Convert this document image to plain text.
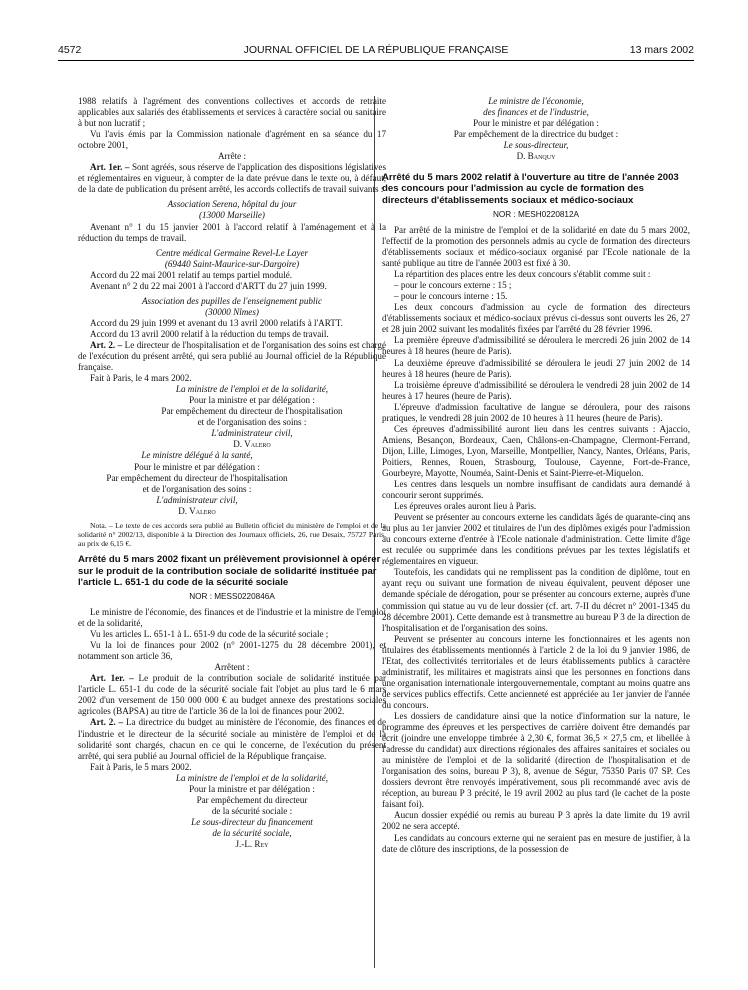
4572	JOURNAL OFFICIEL DE LA RÉPUBLIQUE FRANÇAISE	13 mars 2002

1988 relatifs à l'agrément des conventions collectives et accords de retraite applicables aux salariés des établissements et services à caractère social ou sanitaire à but non lucratif ;

Vu l'avis émis par la Commission nationale d'agrément en sa séance du 17 octobre 2001,

Arrête :

Art. 1er. – Sont agréés, sous réserve de l'application des dispositions législatives et réglementaires en vigueur, à compter de la date prévue dans le texte ou, à défaut, de la date de publication du présent arrêté, les accords collectifs de travail suivants :

Association Serena, hôpital du jour

(13000 Marseille)

Avenant n° 1 du 15 janvier 2001 à l'accord relatif à l'aménagement et à la réduction du temps de travail.

Centre médical Germaine Revel-Le Layer

(69440 Saint-Maurice-sur-Dargoire)

Accord du 22 mai 2001 relatif au temps partiel modulé.

Avenant n° 2 du 22 mai 2001 à l'accord d'ARTT du 27 juin 1999.

Association des pupilles de l'enseignement public

(30000 Nîmes)

Accord du 29 juin 1999 et avenant du 13 avril 2000 relatifs à l'ARTT.

Accord du 13 avril 2000 relatif à la réduction du temps de travail.

Art. 2. – Le directeur de l'hospitalisation et de l'organisation des soins est chargé de l'exécution du présent arrêté, qui sera publié au Journal officiel de la République française.

Fait à Paris, le 4 mars 2002.

La ministre de l'emploi et de la solidarité,

Pour la ministre et par délégation :

Par empêchement du directeur de l'hospitalisation

et de l'organisation des soins :

L'administrateur civil,

D. Valero

Le ministre délégué à la santé,

Pour le ministre et par délégation :

Par empêchement du directeur de l'hospitalisation

et de l'organisation des soins :

L'administrateur civil,

D. Valero

Nota. – Le texte de ces accords sera publié au Bulletin officiel du ministère de l'emploi et de la solidarité n° 2002/13, disponible à la Direction des Journaux officiels, 26, rue Desaix, 75727 Paris, au prix de 6,15 €.

Arrêté du 5 mars 2002 fixant un prélèvement provisionnel à opérer sur le produit de la contribution sociale de solidarité instituée par l'article L. 651-1 du code de la sécurité sociale

NOR : MESS0220846A

Le ministre de l'économie, des finances et de l'industrie et la ministre de l'emploi et de la solidarité,

Vu les articles L. 651-1 à L. 651-9 du code de la sécurité sociale ;

Vu la loi de finances pour 2002 (n° 2001-1275 du 28 décembre 2001), et notamment son article 36,

Arrêtent :

Art. 1er. – Le produit de la contribution sociale de solidarité instituée par l'article L. 651-1 du code de la sécurité sociale fait l'objet au plus tard le 6 mars 2002 d'un versement de 150 000 000 € au budget annexe des prestations sociales agricoles (BAPSA) au titre de l'article 36 de la loi de finances pour 2002.

Art. 2. – La directrice du budget au ministère de l'économie, des finances et de l'industrie et le directeur de la sécurité sociale au ministère de l'emploi et de la solidarité sont chargés, chacun en ce qui le concerne, de l'exécution du présent arrêté, qui sera publié au Journal officiel de la République française.

Fait à Paris, le 5 mars 2002.

La ministre de l'emploi et de la solidarité,

Pour la ministre et par délégation :

Par empêchement du directeur

de la sécurité sociale :

Le sous-directeur du financement

de la sécurité sociale,

J.-L. Rey

Le ministre de l'économie,

des finances et de l'industrie,

Pour le ministre et par délégation :

Par empêchement de la directrice du budget :

Le sous-directeur,

D. Banquy

Arrêté du 5 mars 2002 relatif à l'ouverture au titre de l'année 2003 des concours pour l'admission au cycle de formation des directeurs d'établissements sociaux et médico-sociaux

NOR : MESH0220812A

Par arrêté de la ministre de l'emploi et de la solidarité en date du 5 mars 2002, l'effectif de la promotion des personnels admis au cycle de formation des directeurs d'établissements sociaux et médico-sociaux organisé par l'Ecole nationale de la santé publique au titre de l'année 2003 est fixé à 30.

La répartition des places entre les deux concours s'établit comme suit :

– pour le concours externe : 15 ;

– pour le concours interne : 15.

Les deux concours d'admission au cycle de formation des directeurs d'établissements sociaux et médico-sociaux prévus ci-dessus sont ouverts les 26, 27 et 28 juin 2002 suivant les modalités fixées par l'arrêté du 28 février 1996.

La première épreuve d'admissibilité se déroulera le mercredi 26 juin 2002 de 14 heures à 18 heures (heure de Paris).

La deuxième épreuve d'admissibilité se déroulera le jeudi 27 juin 2002 de 14 heures à 18 heures (heure de Paris).

La troisième épreuve d'admissibilité se déroulera le vendredi 28 juin 2002 de 14 heures à 17 heures (heure de Paris).

L'épreuve d'admission facultative de langue se déroulera, pour des raisons pratiques, le vendredi 28 juin 2002 de 10 heures à 11 heures (heure de Paris).

Ces épreuves d'admissibilité auront lieu dans les centres suivants : Ajaccio, Amiens, Besançon, Bordeaux, Caen, Châlons-en-Champagne, Clermont-Ferrand, Dijon, Lille, Limoges, Lyon, Marseille, Montpellier, Nancy, Nantes, Orléans, Paris, Poitiers, Rennes, Rouen, Strasbourg, Toulouse, Cayenne, Fort-de-France, Gourbeyre, Mayotte, Nouméa, Saint-Denis et Saint-Pierre-et-Miquelon.

Les centres dans lesquels un nombre insuffisant de candidats aura demandé à concourir seront supprimés.

Les épreuves orales auront lieu à Paris.

Peuvent se présenter au concours externe les candidats âgés de quarante-cinq ans au plus au 1er janvier 2002 et titulaires de l'un des diplômes exigés pour l'admission au concours externe d'entrée à l'Ecole nationale d'administration. Cette limite d'âge est reculée ou supprimée dans les conditions prévues par les textes législatifs et réglementaires en vigueur.

Toutefois, les candidats qui ne remplissent pas la condition de diplôme, tout en ayant reçu ou suivant une formation de niveau équivalent, peuvent déposer une demande spéciale de dérogation, pour se présenter au concours externe, auprès d'une commission qui statue au vu de leur dossier (cf. art. 7-II du décret n° 2001-1345 du 28 décembre 2001). Cette demande est à transmettre au bureau P 3 de la direction de l'hospitalisation et de l'organisation des soins.

Peuvent se présenter au concours interne les fonctionnaires et les agents non titulaires des établissements mentionnés à l'article 2 de la loi du 9 janvier 1986, de l'Etat, des collectivités territoriales et de leurs établissements publics à caractère administratif, les militaires et magistrats ainsi que les personnes en fonctions dans une organisation internationale intergouvernementale, comptant au moins quatre ans de services publics effectifs. Cette ancienneté est appréciée au 1er janvier de l'année du concours.

Les dossiers de candidature ainsi que la notice d'information sur la nature, le programme des épreuves et les perspectives de carrière doivent être demandés par écrit (joindre une enveloppe timbrée à 2,30 €, format 36,5 × 27,5 cm, et libellée à l'adresse du candidat) aux directions régionales des affaires sanitaires et sociales ou au ministère de l'emploi et de la solidarité (direction de l'hospitalisation et de l'organisation des soins, bureau P 3), 8, avenue de Ségur, 75350 Paris 07 SP. Ces dossiers devront être renvoyés impérativement, sous pli recommandé avec avis de réception, au bureau P 3 précité, le 19 avril 2002 au plus tard (le cachet de la poste faisant foi).

Aucun dossier expédié ou remis au bureau P 3 après la date limite du 19 avril 2002 ne sera accepté.

Les candidats au concours externe qui ne seraient pas en mesure de justifier, à la date de clôture des inscriptions, de la possession de
